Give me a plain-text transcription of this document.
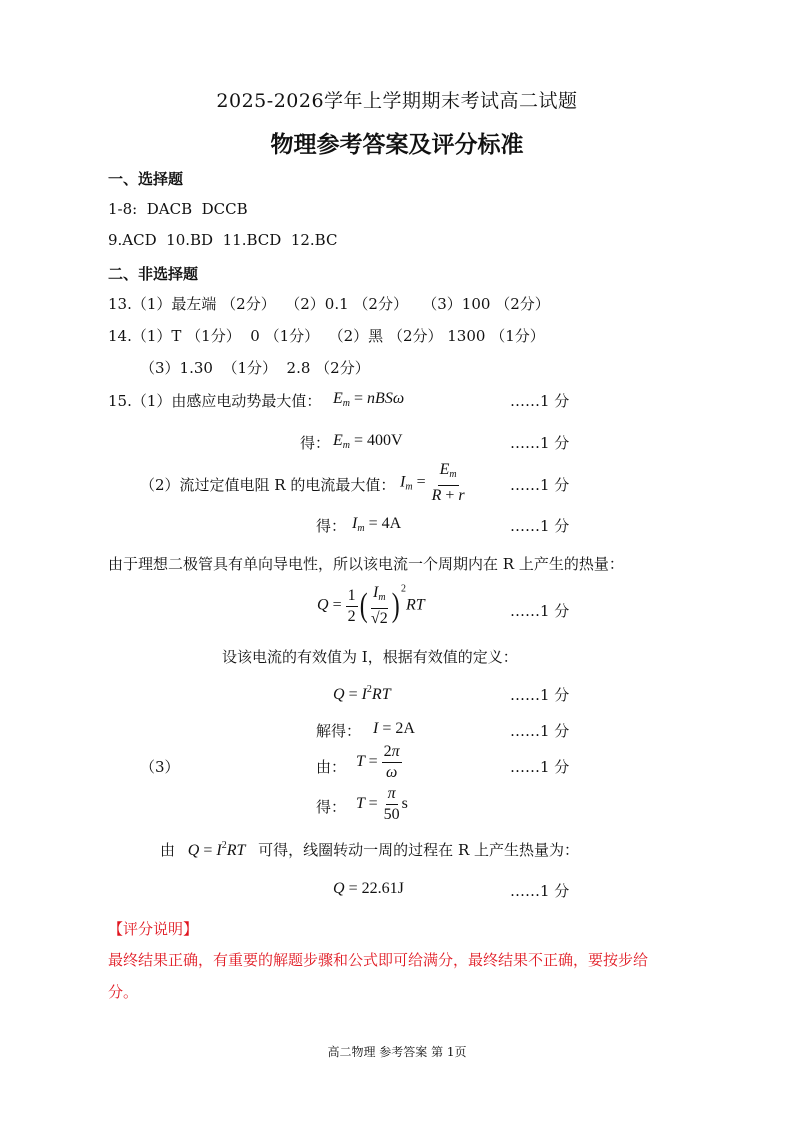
2025-2026学年上学期期末考试高二试题
物理参考答案及评分标准
一、选择题
1-8:  DACB  DCCB
9.ACD  10.BD  11.BCD  12.BC
二、非选择题
13.（1）最左端 （2分）  （2）0.1 （2分）   （3）100 （2分）
14.（1）T （1分）  0 （1分）  （2）黑 （2分） 1300 （1分）
（3）1.30  （1分）  2.8 （2分）
15.（1）由感应电动势最大值： $E_m = nBS\omega$	……1 分
得： $E_m = 400V$	……1 分
（2）流过定值电阻 R 的电流最大值： $I_m = \frac{E_m}{R + r}$	……1 分
得： $I_m = 4A$	……1 分
由于理想二极管具有单向导电性，所以该电流一个周期内在 R 上产生的热量：
$Q = \frac{1}{2}$ ( $\frac{I_m}{√2}$ ) $^2$RT	……1 分
设该电流的有效值为 I，根据有效值的定义：
$Q = I^2RT$	……1 分
解得： I = 2A	……1 分
（3）	由： $T = \frac{2\pi}{\omega}$	……1 分
得： $T = \frac{\pi}{50}$ s
由 $Q = I^2RT$ 可得，线圈转动一周的过程在 R 上产生热量为：
Q = 22.61J	……1 分
【评分说明】
最终结果正确，有重要的解题步骤和公式即可给满分，最终结果不正确，要按步给
分。
高二物理 参考答案 第 1页
